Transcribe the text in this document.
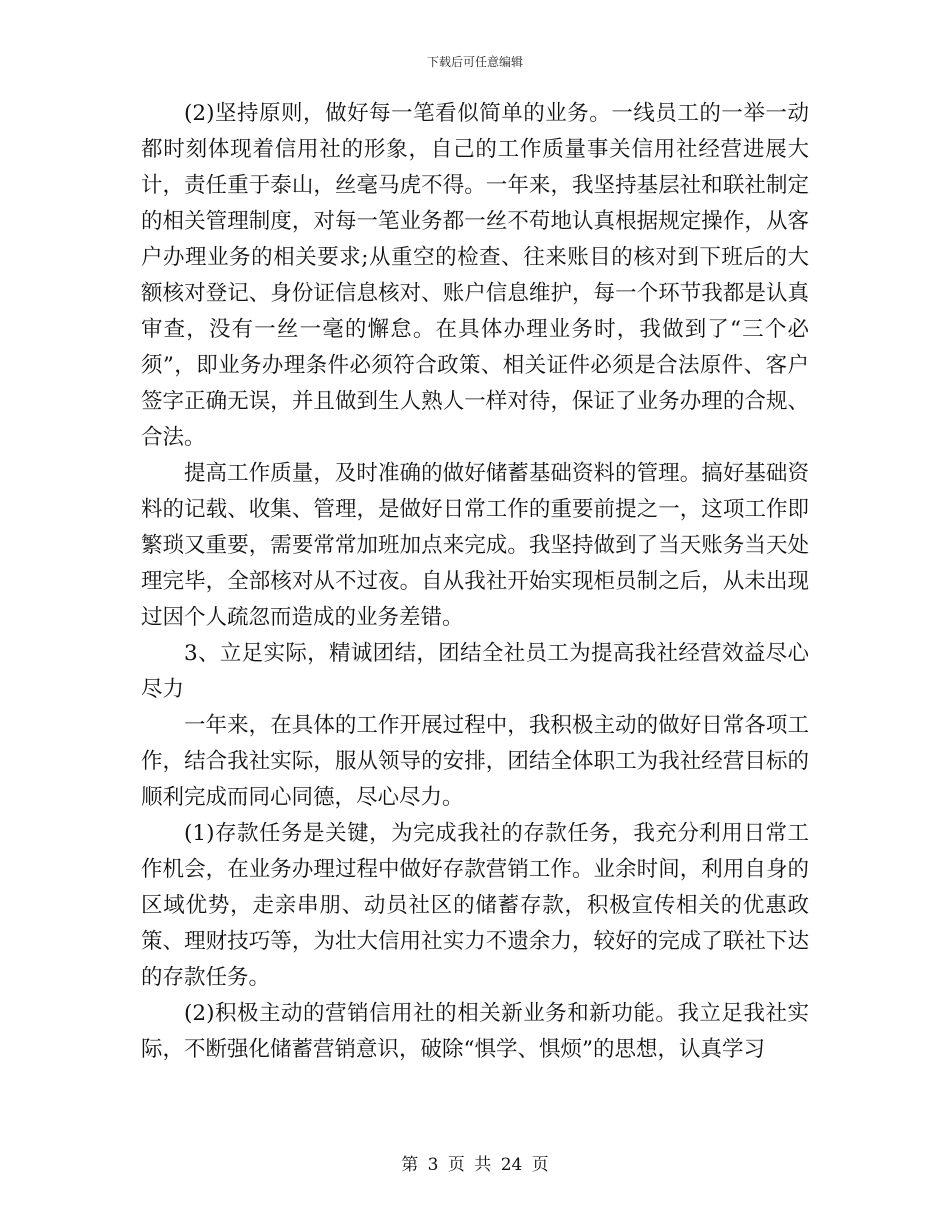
下载后可任意编辑

(2)坚持原则，做好每一笔看似简单的业务。一线员工的一举一动都时刻体现着信用社的形象，自己的工作质量事关信用社经营进展大计，责任重于泰山，丝毫马虎不得。一年来，我坚持基层社和联社制定的相关管理制度，对每一笔业务都一丝不苟地认真根据规定操作，从客户办理业务的相关要求;从重空的检查、往来账目的核对到下班后的大额核对登记、身份证信息核对、账户信息维护，每一个环节我都是认真审查，没有一丝一毫的懈怠。在具体办理业务时，我做到了“三个必须”，即业务办理条件必须符合政策、相关证件必须是合法原件、客户签字正确无误，并且做到生人熟人一样对待，保证了业务办理的合规、合法。

提高工作质量，及时准确的做好储蓄基础资料的管理。搞好基础资料的记载、收集、管理，是做好日常工作的重要前提之一，这项工作即繁琐又重要，需要常常加班加点来完成。我坚持做到了当天账务当天处理完毕，全部核对从不过夜。自从我社开始实现柜员制之后，从未出现过因个人疏忽而造成的业务差错。

3、立足实际，精诚团结，团结全社员工为提高我社经营效益尽心尽力

一年来，在具体的工作开展过程中，我积极主动的做好日常各项工作，结合我社实际，服从领导的安排，团结全体职工为我社经营目标的顺利完成而同心同德，尽心尽力。

(1)存款任务是关键，为完成我社的存款任务，我充分利用日常工作机会，在业务办理过程中做好存款营销工作。业余时间，利用自身的区域优势，走亲串朋、动员社区的储蓄存款，积极宣传相关的优惠政策、理财技巧等，为壮大信用社实力不遗余力，较好的完成了联社下达的存款任务。

(2)积极主动的营销信用社的相关新业务和新功能。我立足我社实际，不断强化储蓄营销意识，破除“惧学、惧烦”的思想，认真学习

第 3 页 共 24 页
